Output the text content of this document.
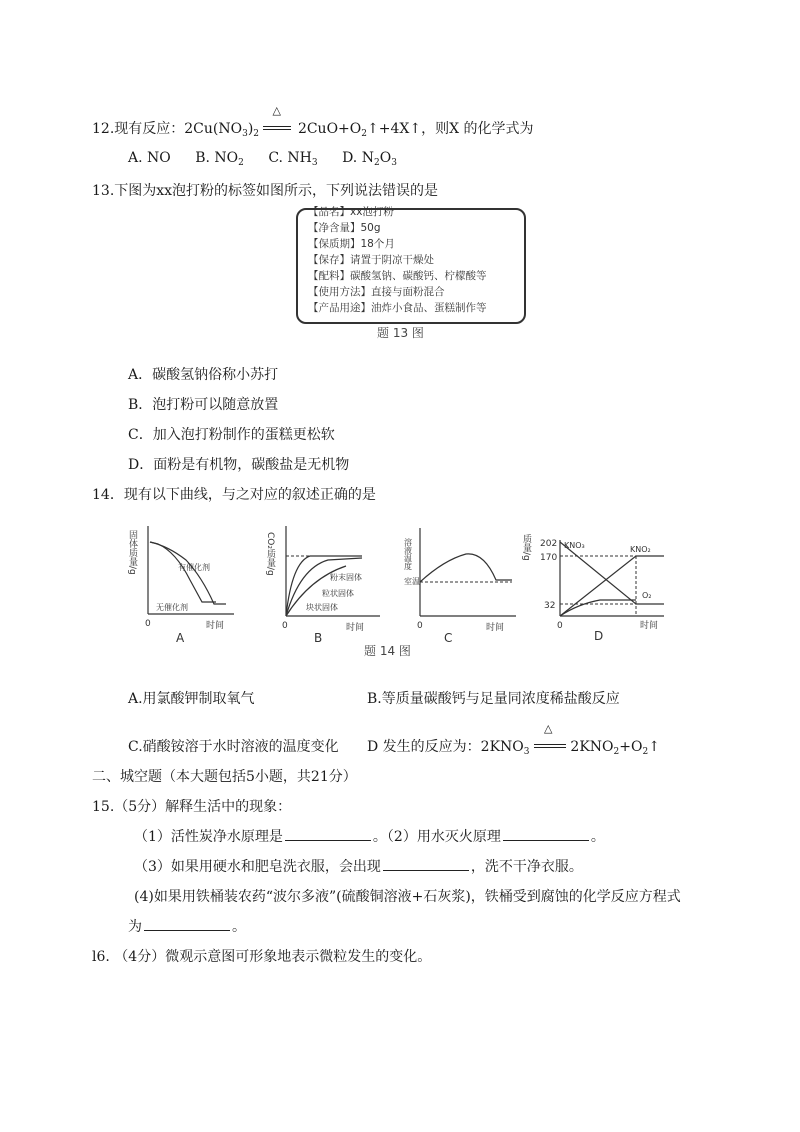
12.现有反应：$2Cu(NO_3)_2$
△
$2CuO+O_2↑+4X↑$，则X 的化学式为
A. NO B. $NO_2$ C. $NH_3$ D. $N_2O_3$
13.下图为xx泡打粉的标签如图所示，下列说法错误的是
【品名】xx泡打粉
【净含量】50g
【保质期】18个月
【保存】请置于阴凉干燥处
【配料】碳酸氢钠、碳酸钙、柠檬酸等
【使用方法】直接与面粉混合
【产品用途】油炸小食品、蛋糕制作等
题 13 图
A．碳酸氢钠俗称小苏打
B．泡打粉可以随意放置
C．加入泡打粉制作的蛋糕更松软
D．面粉是有机物，碳酸盐是无机物
14．现有以下曲线，与之对应的叙述正确的是
固体质量/g	有催化剂
无催化剂
0	时间
A
CO₂质量/g
粉末固体
粒状固体
块状固体
0	时间
B
溶液温度
室温
0	时间
C
质量/g 202
170
32
KNO₃	KNO₂
O₂
0	时间
D
题 14 图
A.用氯酸钾制取氧气	B.等质量碳酸钙与足量同浓度稀盐酸反应
C.硝酸铵溶于水时溶液的温度变化 D 发生的反应为：$2KNO_3$
△
$2KNO_2+O_2↑$
二、城空题（本大题包括5小题，共21分）
15.（5分）解释生活中的现象：
（1）活性炭净水原理是	。（2）用水灭火原理	。
（3）如果用硬水和肥皂洗衣服，会出现	，洗不干净衣服。
(4)如果用铁桶装农药“波尔多液”(硫酸铜溶液+石灰浆)，铁桶受到腐蚀的化学反应方程式
为	。
l6. （4分）微观示意图可形象地表示微粒发生的变化。
